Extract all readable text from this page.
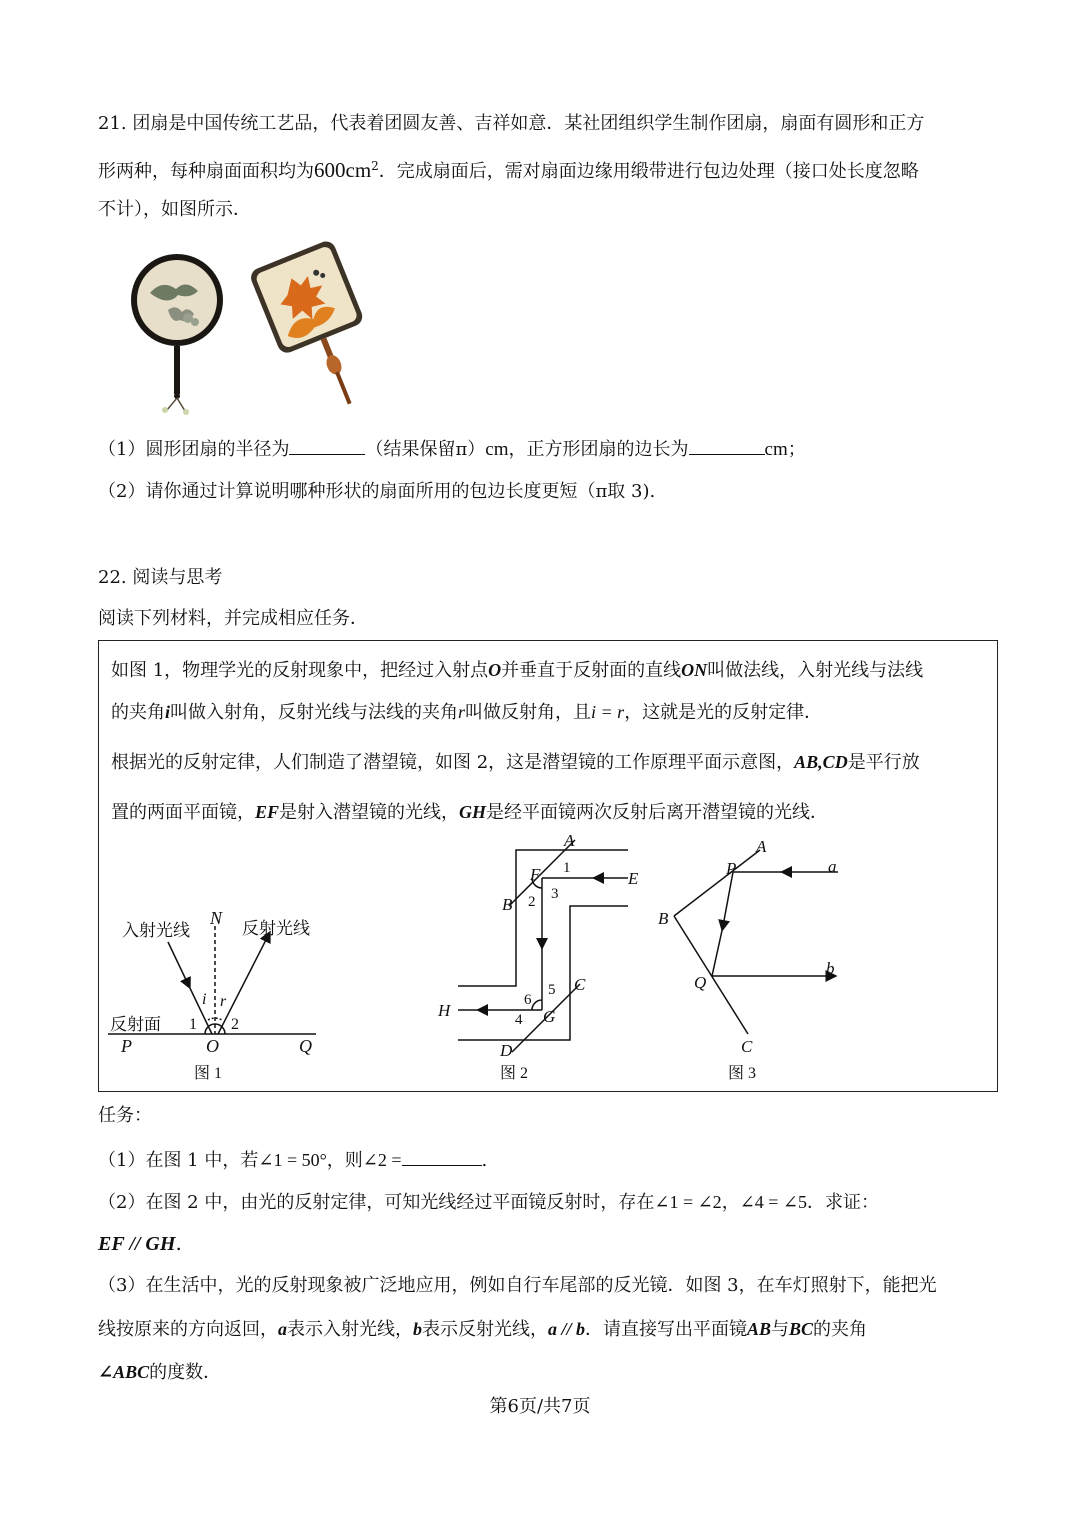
21. 团扇是中国传统工艺品，代表着团圆友善、吉祥如意．某社团组织学生制作团扇，扇面有圆形和正方
形两种，每种扇面面积均为$600cm^2$．完成扇面后，需对扇面边缘用缎带进行包边处理（接口处长度忽略
不计），如图所示．
（1）圆形团扇的半径为	（结果保留π）cm，正方形团扇的边长为	cm；
（2）请你通过计算说明哪种形状的扇面所用的包边长度更短（π取 3).
22. 阅读与思考
阅读下列材料，并完成相应任务．
如图 1，物理学光的反射现象中，把经过入射点O并垂直于反射面的直线ON叫做法线，入射光线与法线
的夹角i叫做入射角，反射光线与法线的夹角r叫做反射角，且i = r，这就是光的反射定律．
根据光的反射定律，人们制造了潜望镜，如图 2，这是潜望镜的工作原理平面示意图，AB,CD是平行放
置的两面平面镜，EF是射入潜望镜的光线，GH是经平面镜两次反射后离开潜望镜的光线．
入射光线	反射光线
反射面
N
i r
1 2
P	O	Q
图 1
A
B
C
D
E
F
G
H
1
2 3
4
5
6
图 2
A
B
C
P
Q
a
b
图 3
任务：
（1）在图 1 中，若∠1 = 50°，则∠2 =	.
（2）在图 2 中，由光的反射定律，可知光线经过平面镜反射时，存在∠1 = ∠2，∠4 = ∠5．求证：
EF // GH.
（3）在生活中，光的反射现象被广泛地应用，例如自行车尾部的反光镜．如图 3，在车灯照射下，能把光
线按原来的方向返回，a表示入射光线，b表示反射光线，a // b．请直接写出平面镜AB与BC的夹角
∠ABC的度数．
第6页/共7页
